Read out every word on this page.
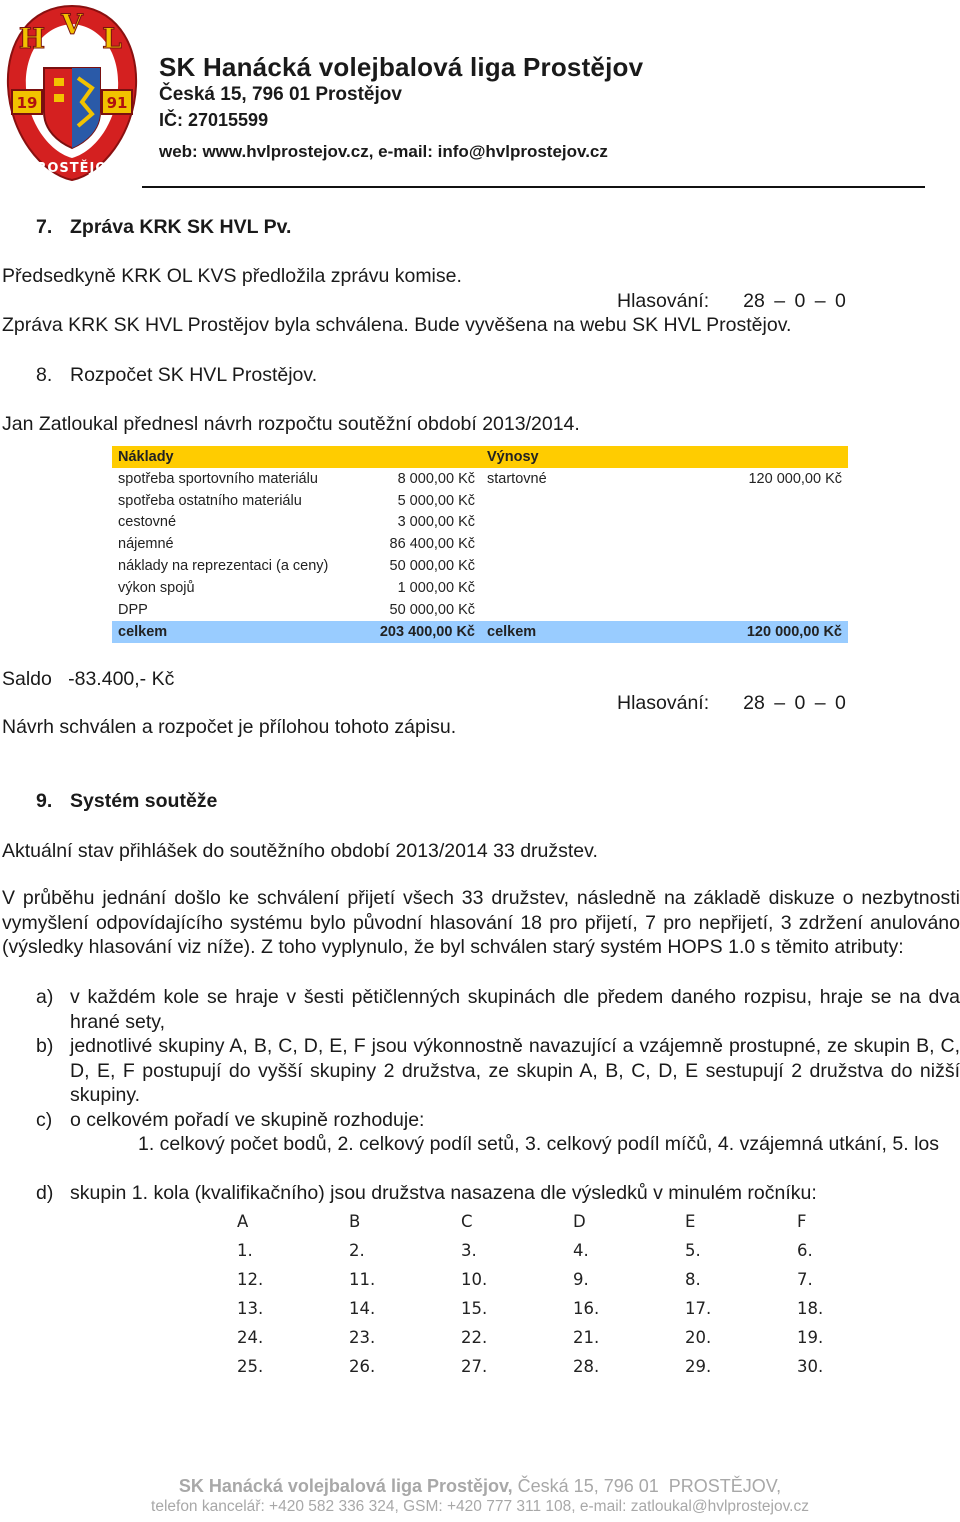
19	91
H V L
PROSTĚJOV
SK Hanácká volejbalová liga Prostějov
Česká 15, 796 01 Prostějov
IČ: 27015599
web: www.hvlprostejov.cz, e-mail: info@hvlprostejov.cz
7. Zpráva KRK SK HVL Pv.
Předsedkyně KRK OL KVS předložila zprávu komise.
Hlasování: 28 – 0 – 0
Zpráva KRK SK HVL Prostějov byla schválena. Bude vyvěšena na webu SK HVL Prostějov.
8. Rozpočet SK HVL Prostějov.
Jan Zatloukal přednesl návrh rozpočtu soutěžní období 2013/2014.
Náklady		Výnosy	
spotřeba sportovního materiálu	8 000,00 Kč	startovné	120 000,00 Kč
spotřeba ostatního materiálu	5 000,00 Kč		
cestovné	3 000,00 Kč		
nájemné	86 400,00 Kč		
náklady na reprezentaci (a ceny)	50 000,00 Kč		
výkon spojů	1 000,00 Kč		
DPP	50 000,00 Kč		
celkem	203 400,00 Kč	celkem	120 000,00 Kč
Saldo   -83.400,- Kč
Hlasování: 28 – 0 – 0
Návrh schválen a rozpočet je přílohou tohoto zápisu.
9. Systém soutěže
Aktuální stav přihlášek do soutěžního období 2013/2014 33 družstev.
V průběhu jednání došlo ke schválení přijetí všech 33 družstev, následně na základě diskuze o nezbytnosti vymyšlení odpovídajícího systému bylo původní hlasování 18 pro přijetí, 7 pro nepřijetí, 3 zdržení anulováno (výsledky hlasování viz níže). Z toho vyplynulo, že byl schválen starý systém HOPS 1.0 s těmito atributy:
a) v každém kole se hraje v šesti pětičlenných skupinách dle předem daného rozpisu, hraje se na dva hrané sety,
b) jednotlivé skupiny A, B, C, D, E, F jsou výkonnostně navazující a vzájemně prostupné, ze skupin B, C, D, E, F postupují do vyšší skupiny 2 družstva, ze skupin A, B, C, D, E sestupují 2 družstva do nižší skupiny.
c) o celkovém pořadí ve skupině rozhoduje:
1. celkový počet bodů, 2. celkový podíl setů, 3. celkový podíl míčů, 4. vzájemná utkání, 5. los
d) skupin 1. kola (kvalifikačního) jsou družstva nasazena dle výsledků v minulém ročníku:
A	B	C	D	E	F
1.	2.	3.	4.	5.	6.
12.	11.	10.	9.	8.	7.
13.	14.	15.	16.	17.	18.
24.	23.	22.	21.	20.	19.
25.	26.	27.	28.	29.	30.
SK Hanácká volejbalová liga Prostějov, Česká 15, 796 01  PROSTĚJOV,
telefon kancelář: +420 582 336 324, GSM: +420 777 311 108, e-mail: zatloukal@hvlprostejov.cz
